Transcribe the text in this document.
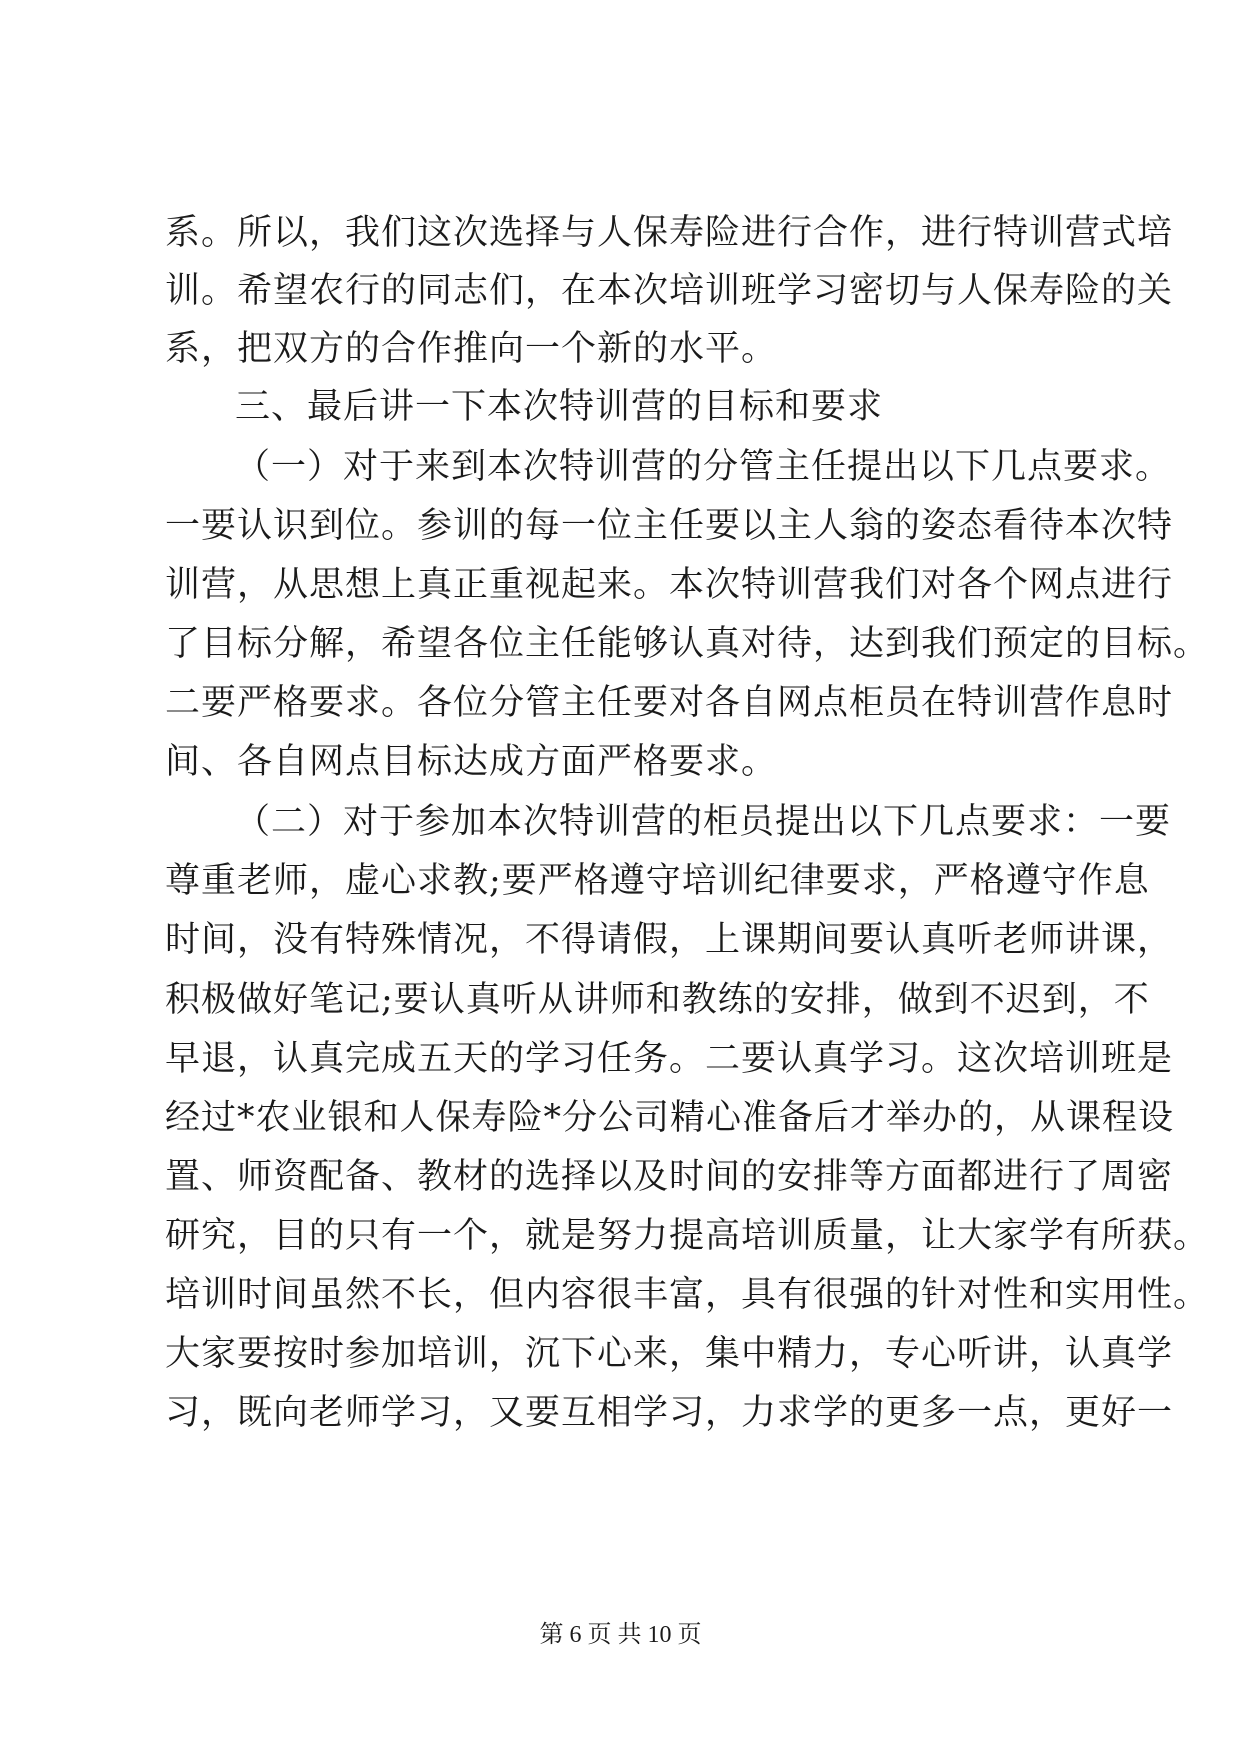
系。所以，我们这次选择与人保寿险进行合作，进行特训营式培
训。希望农行的同志们，在本次培训班学习密切与人保寿险的关
系，把双方的合作推向一个新的水平。
三、最后讲一下本次特训营的目标和要求
（一）对于来到本次特训营的分管主任提出以下几点要求。
一要认识到位。参训的每一位主任要以主人翁的姿态看待本次特
训营，从思想上真正重视起来。本次特训营我们对各个网点进行
了目标分解，希望各位主任能够认真对待，达到我们预定的目标。
二要严格要求。各位分管主任要对各自网点柜员在特训营作息时
间、各自网点目标达成方面严格要求。
（二）对于参加本次特训营的柜员提出以下几点要求：一要
尊重老师，虚心求教;要严格遵守培训纪律要求，严格遵守作息
时间，没有特殊情况，不得请假，上课期间要认真听老师讲课，
积极做好笔记;要认真听从讲师和教练的安排，做到不迟到，不
早退，认真完成五天的学习任务。二要认真学习。这次培训班是
经过*农业银和人保寿险*分公司精心准备后才举办的，从课程设
置、师资配备、教材的选择以及时间的安排等方面都进行了周密
研究，目的只有一个，就是努力提高培训质量，让大家学有所获。
培训时间虽然不长，但内容很丰富，具有很强的针对性和实用性。
大家要按时参加培训，沉下心来，集中精力，专心听讲，认真学
习，既向老师学习，又要互相学习，力求学的更多一点，更好一
第 6 页 共 10 页
